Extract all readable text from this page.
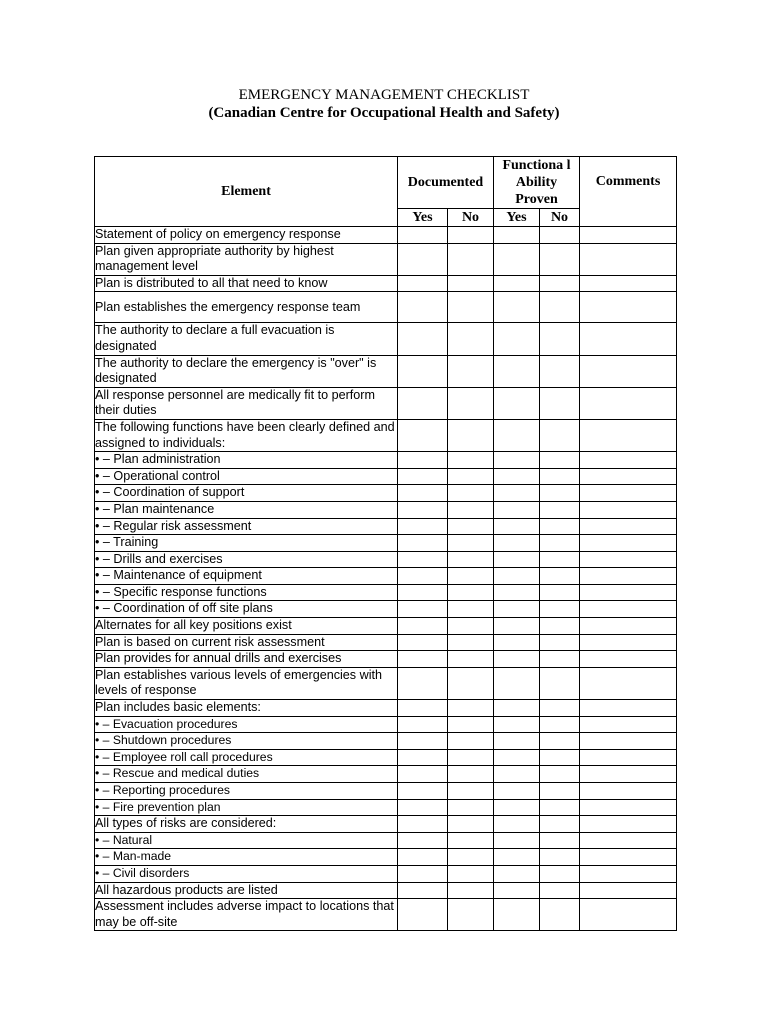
EMERGENCY MANAGEMENT CHECKLIST
(Canadian Centre for Occupational Health and Safety)
Element	Documented		Functiona l Ability Proven		Comments
	Yes	No	Yes	No	
Statement of policy on emergency response					
Plan given appropriate authority by highest management level					
Plan is distributed to all that need to know					
Plan establishes the emergency response team					
The authority to declare a full evacuation is designated					
The authority to declare the emergency is "over" is designated					
All response personnel are medically fit to perform their duties					
The following functions have been clearly defined and assigned to individuals:					
• – Plan administration					
• – Operational control					
• – Coordination of support					
• – Plan maintenance					
• – Regular risk assessment					
• – Training					
• – Drills and exercises					
• – Maintenance of equipment					
• – Specific response functions					
• – Coordination of off site plans					
Alternates for all key positions exist					
Plan is based on current risk assessment					
Plan provides for annual drills and exercises					
Plan establishes various levels of emergencies with levels of response					
Plan includes basic elements:					
• – Evacuation procedures					
• – Shutdown procedures					
• – Employee roll call procedures					
• – Rescue and medical duties					
• – Reporting procedures					
• – Fire prevention plan					
All types of risks are considered:					
• – Natural					
• – Man-made					
• – Civil disorders					
All hazardous products are listed					
Assessment includes adverse impact to locations that may be off-site					
